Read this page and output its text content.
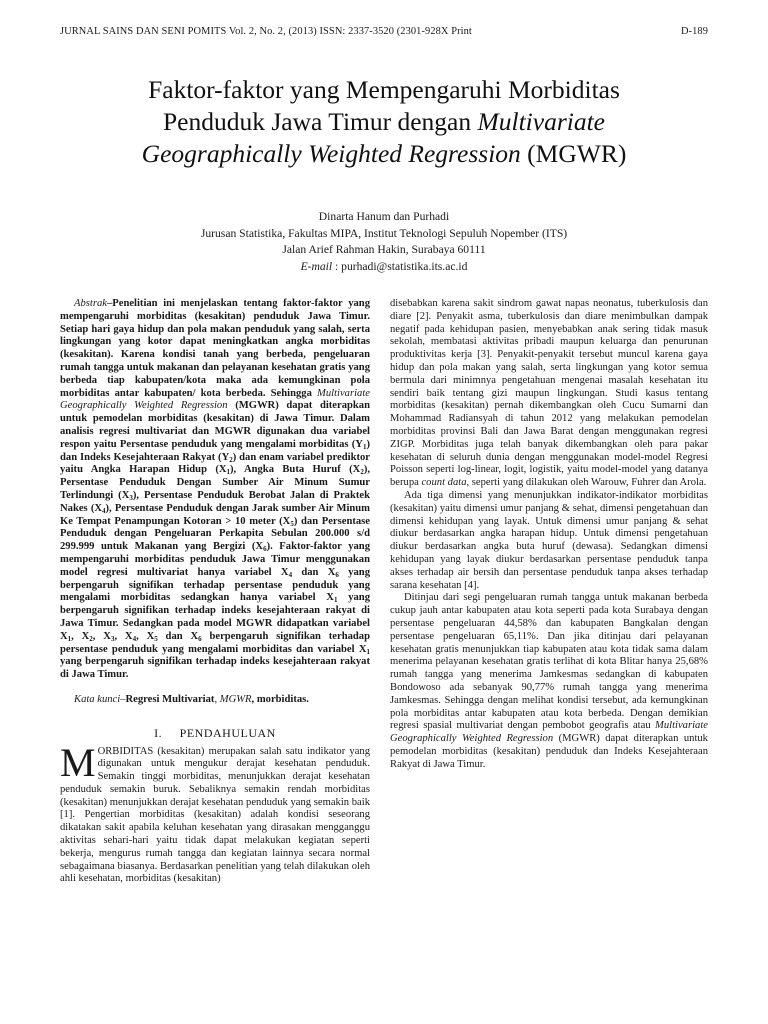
JURNAL SAINS DAN SENI POMITS Vol. 2, No. 2, (2013) ISSN: 2337-3520 (2301-928X Print	D-189
Faktor-faktor yang Mempengaruhi Morbiditas
Penduduk Jawa Timur dengan Multivariate
Geographically Weighted Regression (MGWR)
Dinarta Hanum dan Purhadi
Jurusan Statistika, Fakultas MIPA, Institut Teknologi Sepuluh Nopember (ITS)
Jalan Arief Rahman Hakin, Surabaya 60111
E-mail : purhadi@statistika.its.ac.id

Abstrak–Penelitian ini menjelaskan tentang faktor-faktor yang mempengaruhi morbiditas (kesakitan) penduduk Jawa Timur. Setiap hari gaya hidup dan pola makan penduduk yang salah, serta lingkungan yang kotor dapat meningkatkan angka morbiditas (kesakitan). Karena kondisi tanah yang berbeda, pengeluaran rumah tangga untuk makanan dan pelayanan kesehatan gratis yang berbeda tiap kabupaten/kota maka ada kemungkinan pola morbiditas antar kabupaten/ kota berbeda. Sehingga Multivariate Geographically Weighted Regression (MGWR) dapat diterapkan untuk pemodelan morbiditas (kesakitan) di Jawa Timur. Dalam analisis regresi multivariat dan MGWR digunakan dua variabel respon yaitu Persentase penduduk yang mengalami morbiditas $(Y_1)$ dan Indeks Kesejahteraan Rakyat $(Y_2)$ dan enam variabel prediktor yaitu Angka Harapan Hidup $(X_1)$, Angka Buta Huruf $(X_2)$, Persentase Penduduk Dengan Sumber Air Minum Sumur Terlindungi $(X_3)$, Persentase Penduduk Berobat Jalan di Praktek Nakes $(X_4)$, Persentase Penduduk dengan Jarak sumber Air Minum Ke Tempat Penampungan Kotoran > 10 meter $(X_5)$ dan Persentase Penduduk dengan Pengeluaran Perkapita Sebulan 200.000 s/d 299.999 untuk Makanan yang Bergizi $(X_6)$. Faktor-faktor yang mempengaruhi morbiditas penduduk Jawa Timur menggunakan model regresi multivariat hanya variabel $X_4$ dan $X_6$ yang berpengaruh signifikan terhadap persentase penduduk yang mengalami morbiditas sedangkan hanya variabel $X_1$ yang berpengaruh signifikan terhadap indeks kesejahteraan rakyat di Jawa Timur. Sedangkan pada model MGWR didapatkan variabel $X_1$, $X_2$, $X_3$, $X_4$, $X_5$ dan $X_6$ berpengaruh signifikan terhadap persentase penduduk yang mengalami morbiditas dan variabel $X_1$ yang berpengaruh signifikan terhadap indeks kesejahteraan rakyat di Jawa Timur.

Kata kunci–Regresi Multivariat, MGWR, morbiditas.
I. PENDAHULUAN

MORBIDITAS (kesakitan) merupakan salah satu indikator yang digunakan untuk mengukur derajat kesehatan penduduk. Semakin tinggi morbiditas, menunjukkan derajat kesehatan penduduk semakin buruk. Sebaliknya semakin rendah morbiditas (kesakitan) menunjukkan derajat kesehatan penduduk yang semakin baik [1]. Pengertian morbiditas (kesakitan) adalah kondisi seseorang dikatakan sakit apabila keluhan kesehatan yang dirasakan mengganggu aktivitas sehari-hari yaitu tidak dapat melakukan kegiatan seperti bekerja, mengurus rumah tangga dan kegiatan lainnya secara normal sebagaimana biasanya. Berdasarkan penelitian yang telah dilakukan oleh ahli kesehatan, morbiditas (kesakitan)

disebabkan karena sakit sindrom gawat napas neonatus, tuberkulosis dan diare [2]. Penyakit asma, tuberkulosis dan diare menimbulkan dampak negatif pada kehidupan pasien, menyebabkan anak sering tidak masuk sekolah, membatasi aktivitas pribadi maupun keluarga dan penurunan produktivitas kerja [3]. Penyakit-penyakit tersebut muncul karena gaya hidup dan pola makan yang salah, serta lingkungan yang kotor semua bermula dari minimnya pengetahuan mengenai masalah kesehatan itu sendiri baik tentang gizi maupun lingkungan. Studi kasus tentang morbiditas (kesakitan) pernah dikembangkan oleh Cucu Sumarni dan Mohammad Radiansyah di tahun 2012 yang melakukan pemodelan morbiditas provinsi Bali dan Jawa Barat dengan menggunakan regresi ZIGP. Morbiditas juga telah banyak dikembangkan oleh para pakar kesehatan di seluruh dunia dengan menggunakan model-model Regresi Poisson seperti log-linear, logit, logistik, yaitu model-model yang datanya berupa count data, seperti yang dilakukan oleh Warouw, Fuhrer dan Arola.

Ada tiga dimensi yang menunjukkan indikator-indikator morbiditas (kesakitan) yaitu dimensi umur panjang & sehat, dimensi pengetahuan dan dimensi kehidupan yang layak. Untuk dimensi umur panjang & sehat diukur berdasarkan angka harapan hidup. Untuk dimensi pengetahuan diukur berdasarkan angka buta huruf (dewasa). Sedangkan dimensi kehidupan yang layak diukur berdasarkan persentase penduduk tanpa akses terhadap air bersih dan persentase penduduk tanpa akses terhadap sarana kesehatan [4].

Ditinjau dari segi pengeluaran rumah tangga untuk makanan berbeda cukup jauh antar kabupaten atau kota seperti pada kota Surabaya dengan persentase pengeluaran 44,58% dan kabupaten Bangkalan dengan persentase pengeluaran 65,11%. Dan jika ditinjau dari pelayanan kesehatan gratis menunjukkan tiap kabupaten atau kota tidak sama dalam menerima pelayanan kesehatan gratis terlihat di kota Blitar hanya 25,68% rumah tangga yang menerima Jamkesmas sedangkan di kabupaten Bondowoso ada sebanyak 90,77% rumah tangga yang menerima Jamkesmas. Sehingga dengan melihat kondisi tersebut, ada kemungkinan pola morbiditas antar kabupaten atau kota berbeda. Dengan demikian regresi spasial multivariat dengan pembobot geografis atau Multivariate Geographically Weighted Regression (MGWR) dapat diterapkan untuk pemodelan morbiditas (kesakitan) penduduk dan Indeks Kesejahteraan Rakyat di Jawa Timur.
